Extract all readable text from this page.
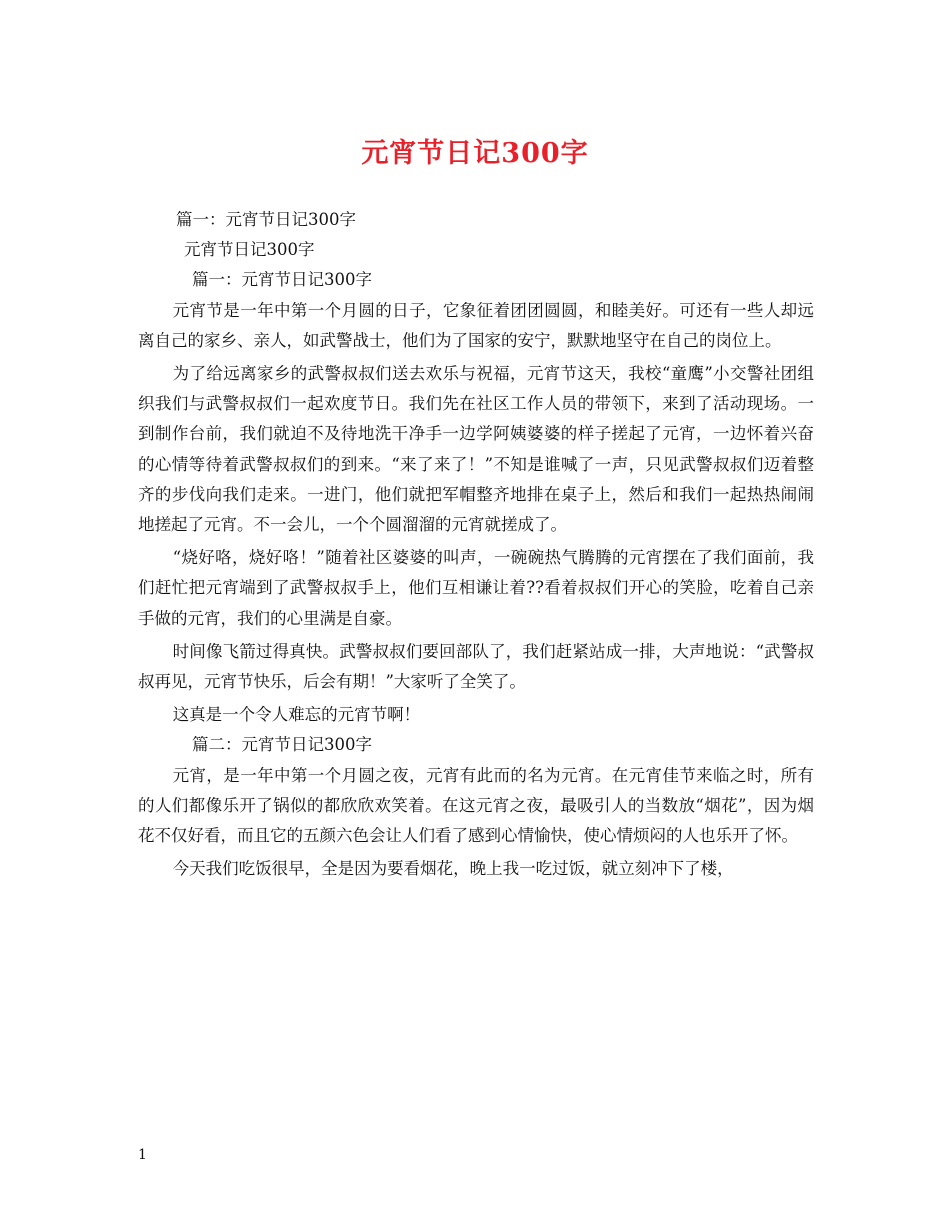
元宵节日记300字
篇一：元宵节日记300字
元宵节日记300字
篇一：元宵节日记300字

元宵节是一年中第一个月圆的日子，它象征着团团圆圆，和睦美好。可还有一些人却远离自己的家乡、亲人，如武警战士，他们为了国家的安宁，默默地坚守在自己的岗位上。

为了给远离家乡的武警叔叔们送去欢乐与祝福，元宵节这天，我校“童鹰”小交警社团组织我们与武警叔叔们一起欢度节日。我们先在社区工作人员的带领下，来到了活动现场。一到制作台前，我们就迫不及待地洗干净手一边学阿姨婆婆的样子搓起了元宵，一边怀着兴奋的心情等待着武警叔叔们的到来。“来了来了！”不知是谁喊了一声，只见武警叔叔们迈着整齐的步伐向我们走来。一进门，他们就把军帽整齐地排在桌子上，然后和我们一起热热闹闹地搓起了元宵。不一会儿，一个个圆溜溜的元宵就搓成了。

“烧好咯，烧好咯！”随着社区婆婆的叫声，一碗碗热气腾腾的元宵摆在了我们面前，我们赶忙把元宵端到了武警叔叔手上，他们互相谦让着??看着叔叔们开心的笑脸，吃着自己亲手做的元宵，我们的心里满是自豪。

时间像飞箭过得真快。武警叔叔们要回部队了，我们赶紧站成一排，大声地说：“武警叔叔再见，元宵节快乐，后会有期！”大家听了全笑了。

这真是一个令人难忘的元宵节啊！

篇二：元宵节日记300字

元宵，是一年中第一个月圆之夜，元宵有此而的名为元宵。在元宵佳节来临之时，所有的人们都像乐开了锅似的都欣欣欢笑着。在这元宵之夜，最吸引人的当数放“烟花”，因为烟花不仅好看，而且它的五颜六色会让人们看了感到心情愉快，使心情烦闷的人也乐开了怀。

今天我们吃饭很早，全是因为要看烟花，晚上我一吃过饭，就立刻冲下了楼，

1
